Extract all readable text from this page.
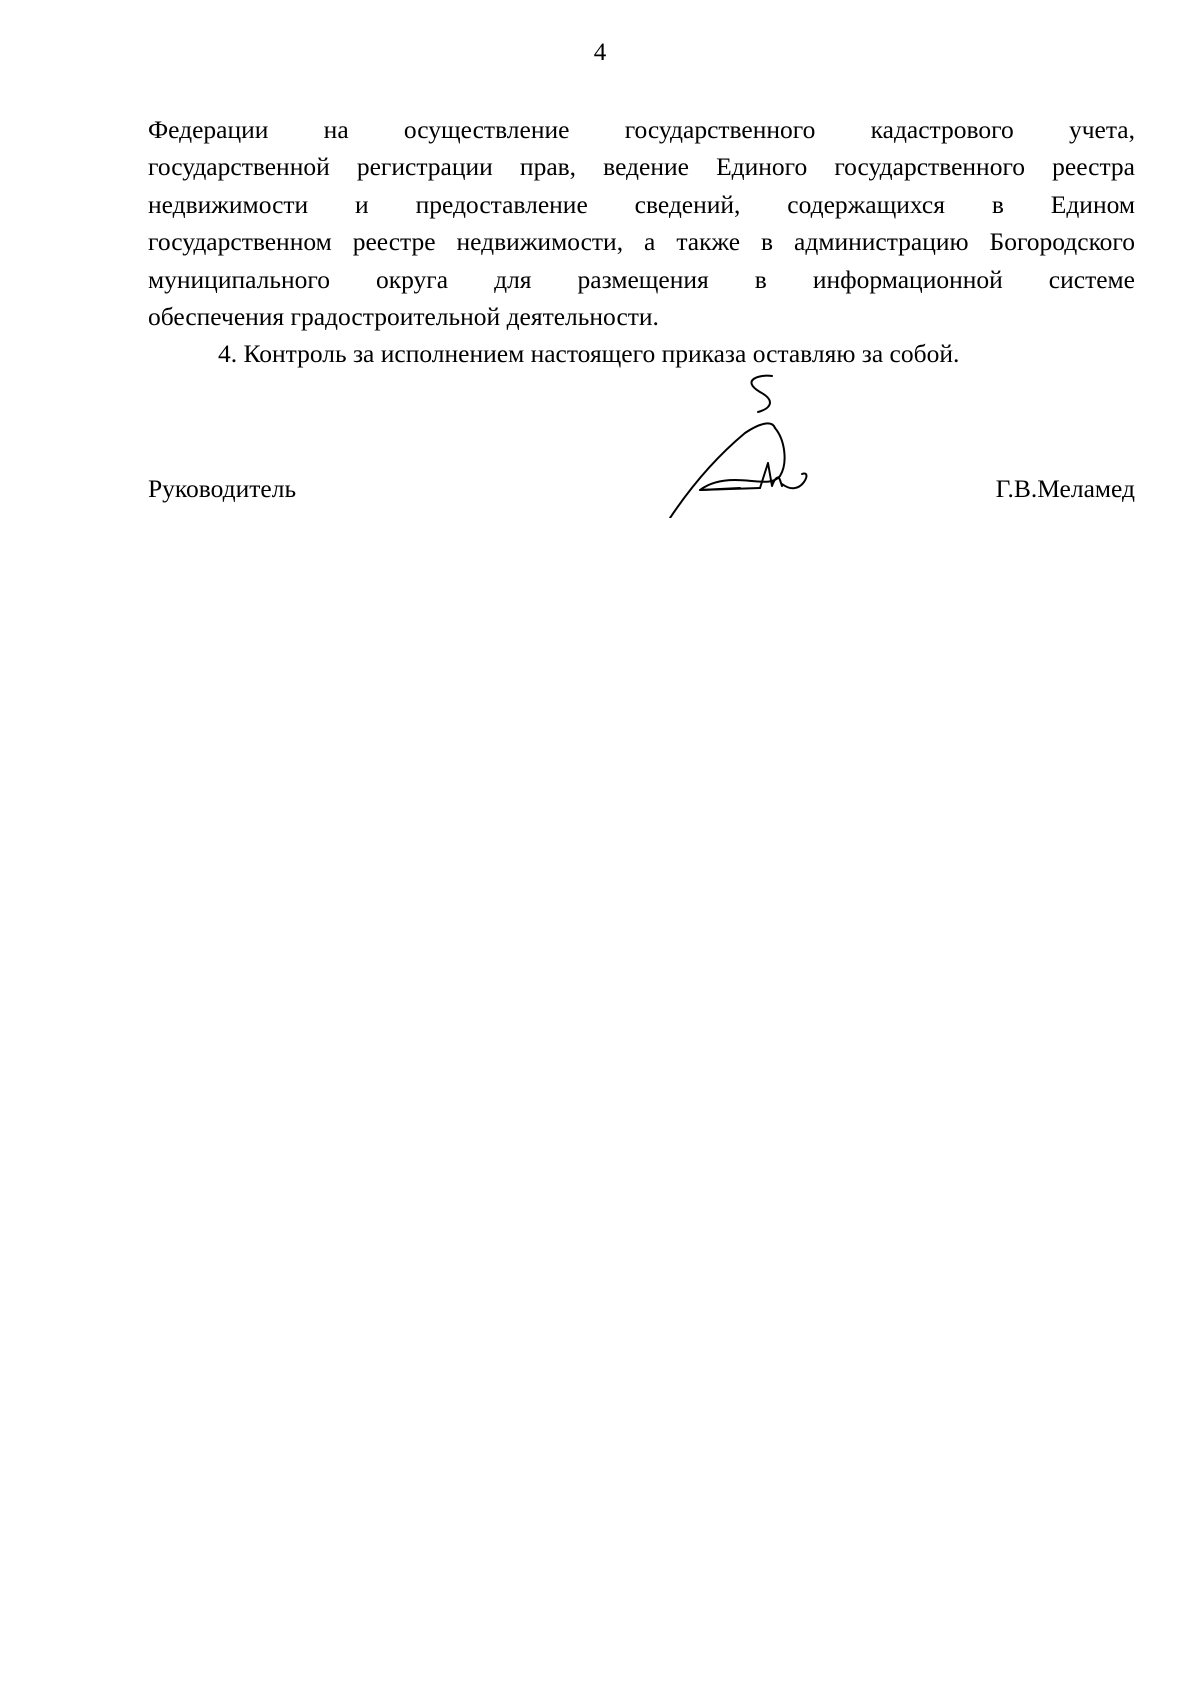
4

Федерации на осуществление государственного кадастрового учета,
государственной регистрации прав, ведение Единого государственного реестра
недвижимости и предоставление сведений, содержащихся в Едином
государственном реестре недвижимости, а также в администрацию Богородского
муниципального округа для размещения в информационной системе
обеспечения градостроительной деятельности.

4. Контроль за исполнением настоящего приказа оставляю за собой.

Руководитель	Г.В.Меламед
